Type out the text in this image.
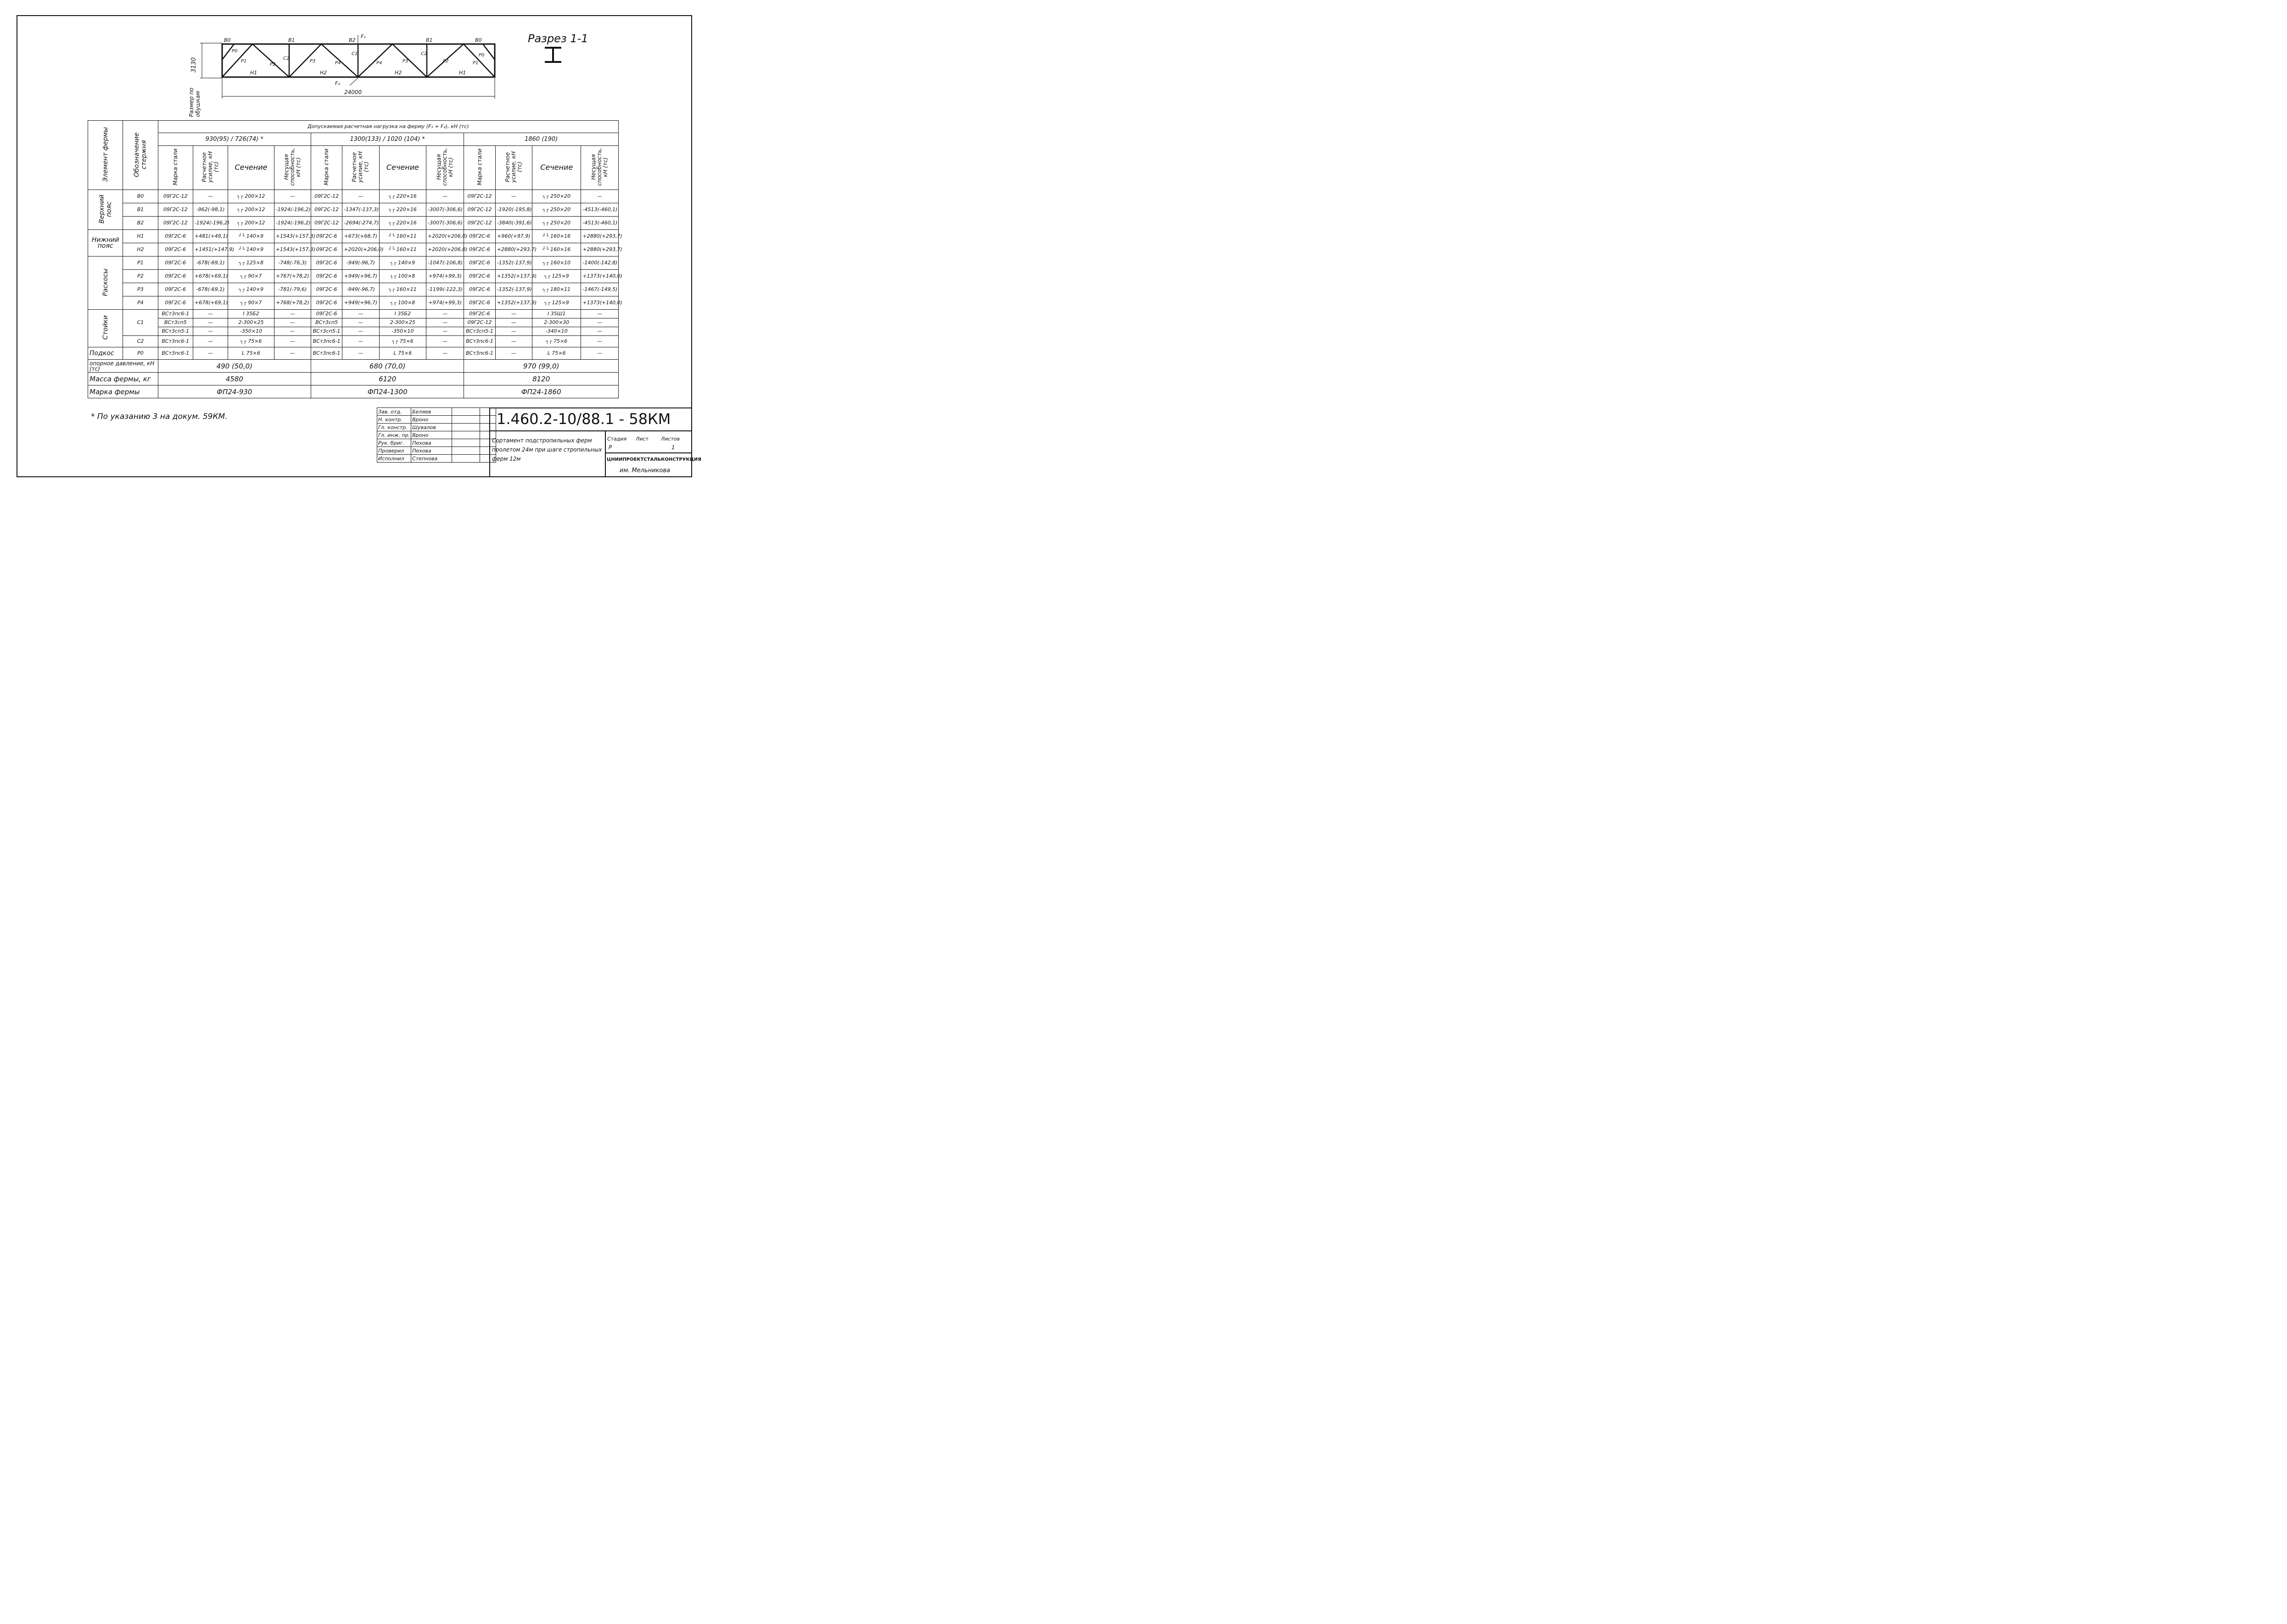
Разрез 1-1
B0	B1	B2	B1	B0
F₁
F₂
H1	H2	H2	H1
P0
P1
P2
C2
P3	P4
C1
P4	P3
C2
P2	P1
P0
3130
24000
Размер по обушкам
Элемент фермы	Обозначение стержня	Допускаемая расчетная нагрузка на ферму (F₁ + F₂), кН (тс)											
		930(95) / 726(74) *				1300(133) / 1020 (104) *				1860 (190)			
		Марка стали	Расчетное усилие, кН (тс)	Сечение	Несущая способность, кН (тс)	Марка стали	Расчетное усилие, кН (тс)	Сечение	Несущая способность, кН (тс)	Марка стали	Расчетное усилие, кН (тс)	Сечение	Несущая способность, кН (тс)
Верхний пояс	B0	09Г2С-12	—	┐┌ 200×12	—	09Г2С-12	—	┐┌ 220×16	—	09Г2С-12	—	┐┌ 250×20	—
	B1	09Г2С-12	-962(-98,1)	┐┌ 200×12	-1924(-196,2)	09Г2С-12	-1347(-137,3)	┐┌ 220×16	-3007(-306,6)	09Г2С-12	-1920(-195,8)	┐┌ 250×20	-4513(-460,1)
	B2	09Г2С-12	-1924(-196,2)	┐┌ 200×12	-1924(-196,2)	09Г2С-12	-2694(-274,7)	┐┌ 220×16	-3007(-306,6)	09Г2С-12	-3840(-391,6)	┐┌ 250×20	-4513(-460,1)
Нижний пояс	H1	09Г2С-6	+481(+49,1)	┘└ 140×9	+1543(+157,3)	09Г2С-6	+673(+68,7)	┘└ 160×11	+2020(+206,0)	09Г2С-6	+960(+97,9)	┘└ 160×16	+2880(+293,7)
	H2	09Г2С-6	+1451(+147,9)	┘└ 140×9	+1543(+157,3)	09Г2С-6	+2020(+206,0)	┘└ 160×11	+2020(+206,0)	09Г2С-6	+2880(+293,7)	┘└ 160×16	+2880(+293,7)
Раскосы	P1	09Г2С-6	-678(-69,1)	┐┌ 125×8	-748(-76,3)	09Г2С-6	-949(-96,7)	┐┌ 140×9	-1047(-106,8)	09Г2С-6	-1352(-137,9)	┐┌ 160×10	-1400(-142,8)
	P2	09Г2С-6	+678(+69,1)	┐┌ 90×7	+767(+78,2)	09Г2С-6	+949(+96,7)	┐┌ 100×8	+974(+99,3)	09Г2С-6	+1352(+137,9)	┐┌ 125×9	+1373(+140,0)
	P3	09Г2С-6	-678(-69,1)	┐┌ 140×9	-781(-79,6)	09Г2С-6	-949(-96,7)	┐┌ 160×11	-1199(-122,3)	09Г2С-6	-1352(-137,9)	┐┌ 180×11	-1467(-149,5)
	P4	09Г2С-6	+678(+69,1)	┐┌ 90×7	+768(+78,2)	09Г2С-6	+949(+96,7)	┐┌ 100×8	+974(+99,3)	09Г2С-6	+1352(+137,9)	┐┌ 125×9	+1373(+140,0)
Стойки	C1	ВСт3пс6-1	—	I 35Б2	—	09Г2С-6	—	I 35Б2	—	09Г2С-6	—	I 35Ш1	—
		ВСт3сп5	—	2-300×25	—	ВСт3сп5	—	2-300×25	—	09Г2С-12	—	2-300×30	—
		ВСт3сп5-1	—	-350×10	—	ВСт3сп5-1	—	-350×10	—	ВСт3сп5-1	—	-340×10	—
	C2	ВСт3пс6-1	—	┐┌ 75×6	—	ВСт3пс6-1	—	┐┌ 75×6	—	ВСт3пс6-1	—	┐┌ 75×6	—
Подкос	P0	ВСт3пс6-1	—	L 75×6	—	ВСт3пс6-1	—	L 75×6	—	ВСт3пс6-1	—	L 75×6	—
опорное давление, кН (тс)		490 (50,0)				680 (70,0)				970 (99,0)			
Масса фермы, кг		4580				6120				8120			
Марка фермы		ФП24-930				ФП24-1300				ФП24-1860			
* По указанию 3 на докум. 59КМ.
Зав. отд.	Беляев		
Н. контр.	Вроно		
Гл. констр.	Шувалов		
Гл. инж. пр.	Вроно		
Рук. бриг.	Пехова		
Проверил	Пехова		
Исполнил	Степнова		
1.460.2-10/88.1 - 58КМ
Сортамент подстропильных ферм пролетом 24м при шаге стропильных ферм 12м
Стадия Лист Листов
Р	1
ЦНИИПРОЕКТСТАЛЬКОНСТРУКЦИЯ
им. Мельникова
